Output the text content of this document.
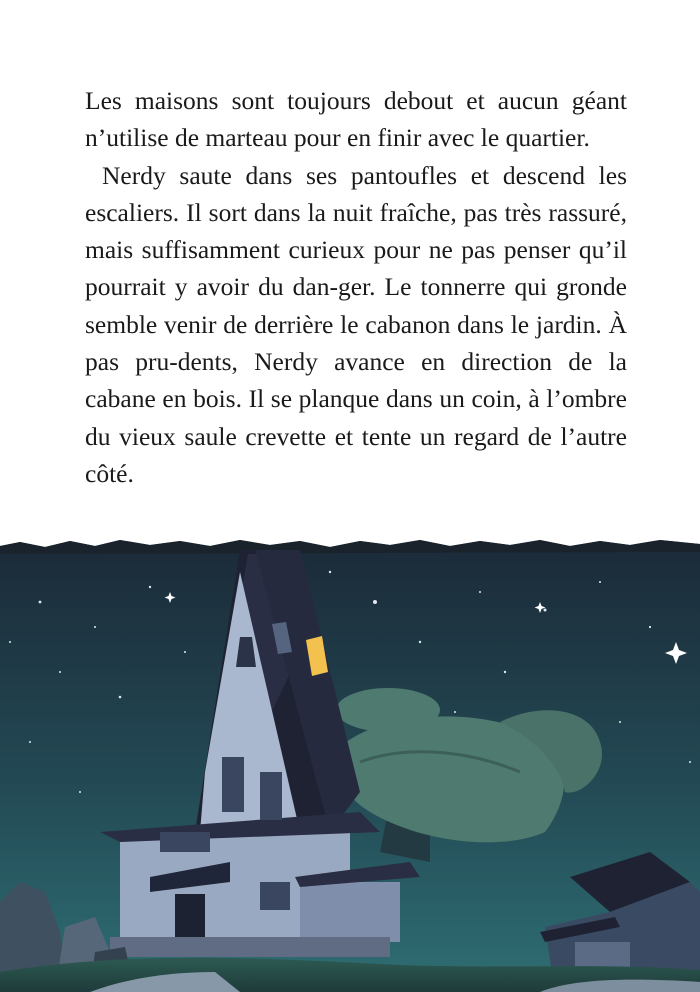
Les maisons sont toujours debout et aucun géant n’utilise de marteau pour en finir avec le quartier.

Nerdy saute dans ses pantoufles et descend les escaliers. Il sort dans la nuit fraîche, pas très rassuré, mais suffisamment curieux pour ne pas penser qu’il pourrait y avoir du dan-ger. Le tonnerre qui gronde semble venir de derrière le cabanon dans le jardin. À pas pru-dents, Nerdy avance en direction de la cabane en bois. Il se planque dans un coin, à l’ombre du vieux saule crevette et tente un regard de l’autre côté.
